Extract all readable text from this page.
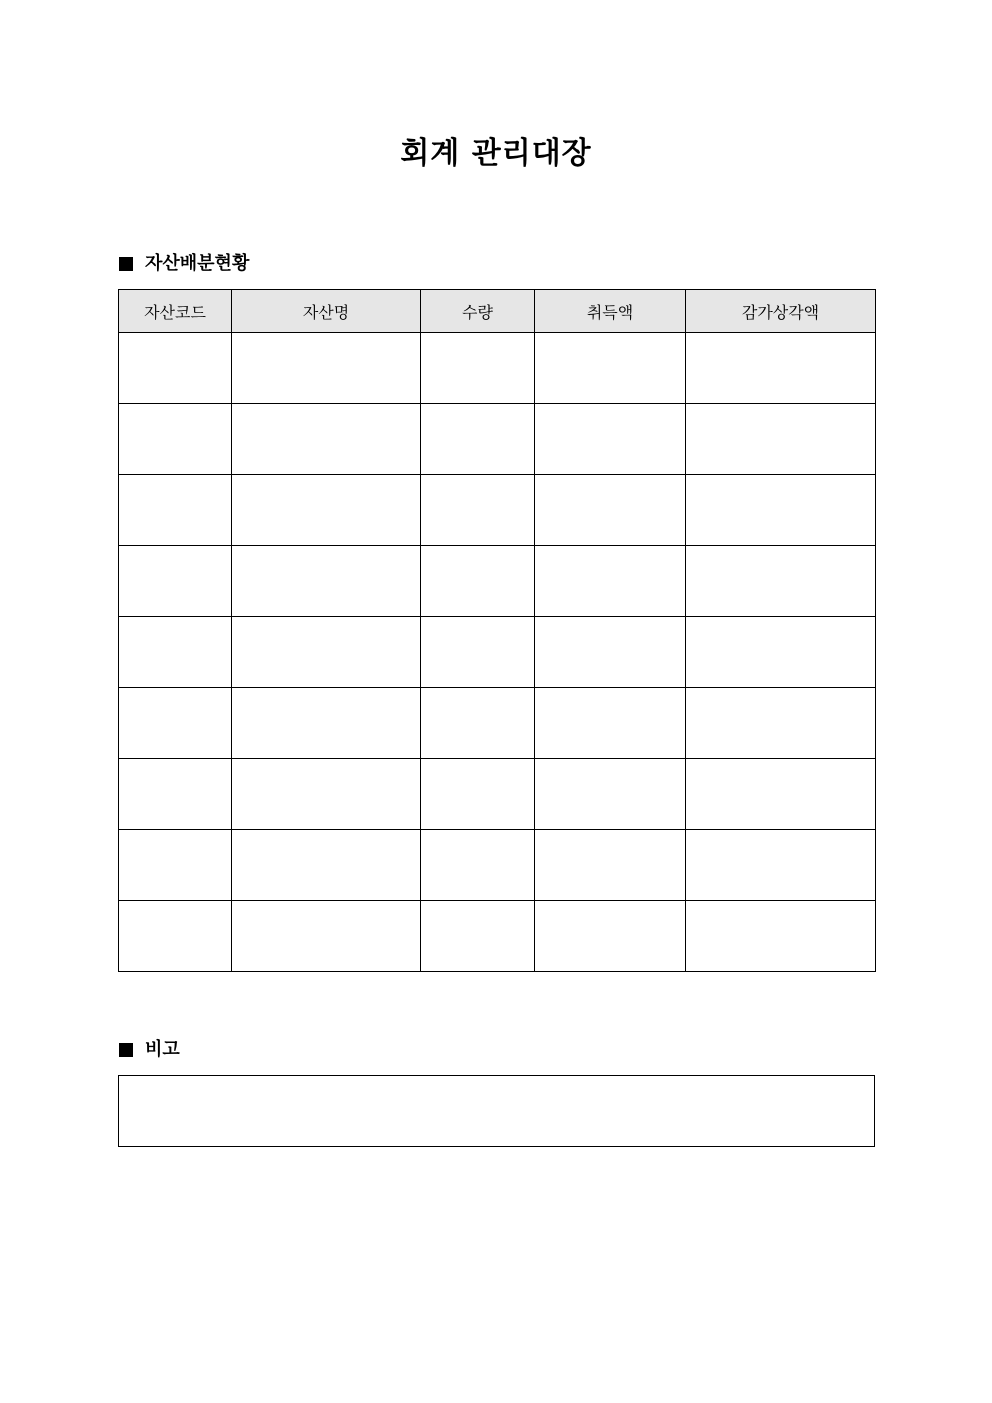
회계 관리대장
자산배분현황
자산코드	자산명	수량	취득액	감가상각액

비고
